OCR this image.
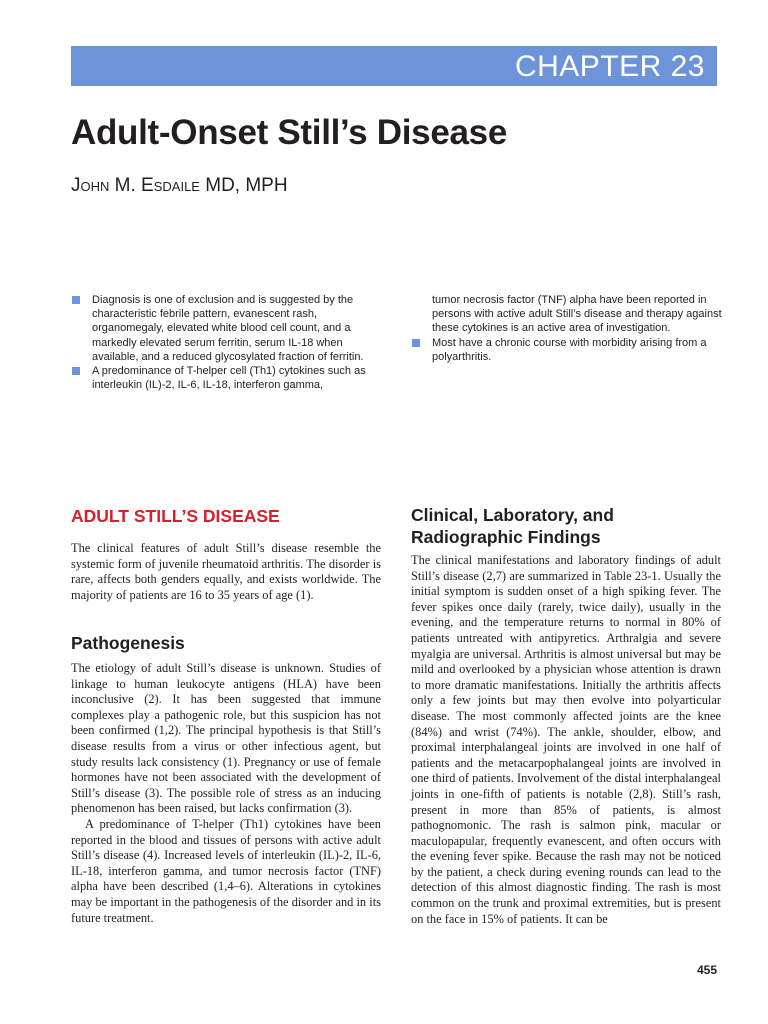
CHAPTER 23
Adult-Onset Still’s Disease
John M. Esdaile MD, MPH
Diagnosis is one of exclusion and is suggested by the characteristic febrile pattern, evanescent rash, organomegaly, elevated white blood cell count, and a markedly elevated serum ferritin, serum IL-18 when available, and a reduced glycosylated fraction of ferritin.
A predominance of T-helper cell (Th1) cytokines such as interleukin (IL)-2, IL-6, IL-18, interferon gamma,
tumor necrosis factor (TNF) alpha have been reported in persons with active adult Still’s disease and therapy against these cytokines is an active area of investigation.
Most have a chronic course with morbidity arising from a polyarthritis.
ADULT STILL’S DISEASE

The clinical features of adult Still’s disease resemble the systemic form of juvenile rheumatoid arthritis. The disorder is rare, affects both genders equally, and exists worldwide. The majority of patients are 16 to 35 years of age (1).

Pathogenesis

The etiology of adult Still’s disease is unknown. Studies of linkage to human leukocyte antigens (HLA) have been inconclusive (2). It has been suggested that immune complexes play a pathogenic role, but this suspicion has not been confirmed (1,2). The principal hypothesis is that Still’s disease results from a virus or other infectious agent, but study results lack consistency (1). Pregnancy or use of female hormones have not been associated with the development of Still’s disease (3). The possible role of stress as an inducing phenomenon has been raised, but lacks confirmation (3).

A predominance of T-helper (Th1) cytokines have been reported in the blood and tissues of persons with active adult Still’s disease (4). Increased levels of interleukin (IL)-2, IL-6, IL-18, interferon gamma, and tumor necrosis factor (TNF) alpha have been described (1,4–6). Alterations in cytokines may be important in the pathogenesis of the disorder and in its future treatment.

Clinical, Laboratory, and Radiographic Findings

The clinical manifestations and laboratory findings of adult Still’s disease (2,7) are summarized in Table 23-1. Usually the initial symptom is sudden onset of a high spiking fever. The fever spikes once daily (rarely, twice daily), usually in the evening, and the temperature returns to normal in 80% of patients untreated with antipyretics. Arthralgia and severe myalgia are universal. Arthritis is almost universal but may be mild and overlooked by a physician whose attention is drawn to more dramatic manifestations. Initially the arthritis affects only a few joints but may then evolve into polyarticular disease. The most commonly affected joints are the knee (84%) and wrist (74%). The ankle, shoulder, elbow, and proximal interphalangeal joints are involved in one half of patients and the metacarpophalangeal joints are involved in one third of patients. Involvement of the distal interphalangeal joints in one-fifth of patients is notable (2,8). Still’s rash, present in more than 85% of patients, is almost pathognomonic. The rash is salmon pink, macular or maculopapular, frequently evanescent, and often occurs with the evening fever spike. Because the rash may not be noticed by the patient, a check during evening rounds can lead to the detection of this almost diagnostic finding. The rash is most common on the trunk and proximal extremities, but is present on the face in 15% of patients. It can be

455
